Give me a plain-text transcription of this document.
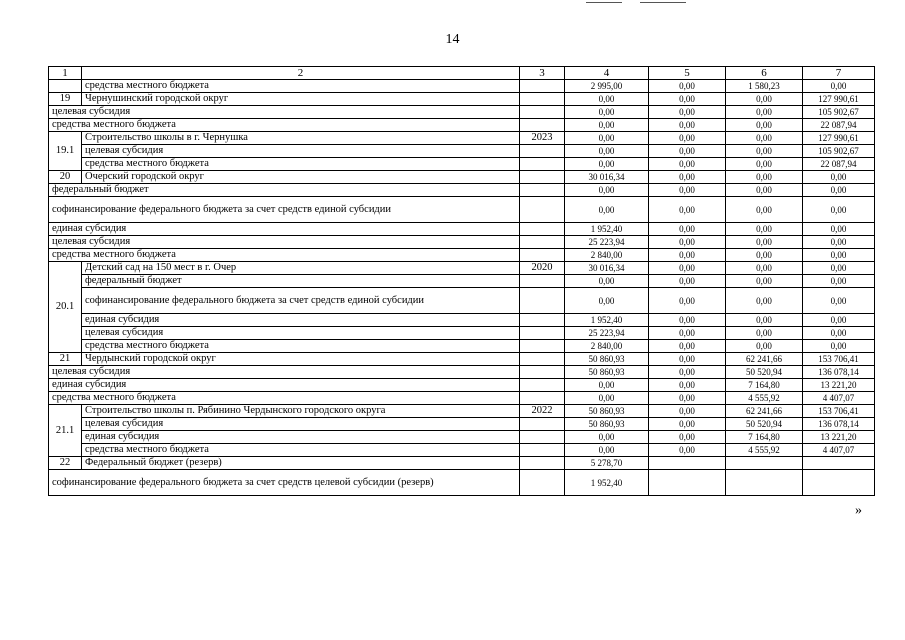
14
1	2	3	4	5	6	7
	средства местного бюджета		2 995,00	0,00	1 580,23	0,00
19	Чернушинский городской округ		0,00	0,00	0,00	127 990,61
целевая субсидия			0,00	0,00	0,00	105 902,67
средства местного бюджета			0,00	0,00	0,00	22 087,94
19.1	Строительство школы в г. Чернушка	2023	0,00	0,00	0,00	127 990,61
	целевая субсидия		0,00	0,00	0,00	105 902,67
	средства местного бюджета		0,00	0,00	0,00	22 087,94
20	Очерский городской округ		30 016,34	0,00	0,00	0,00
федеральный бюджет			0,00	0,00	0,00	0,00
софинансирование федерального бюджета за счет средств единой субсидии			0,00	0,00	0,00	0,00
единая субсидия			1 952,40	0,00	0,00	0,00
целевая субсидия			25 223,94	0,00	0,00	0,00
средства местного бюджета			2 840,00	0,00	0,00	0,00
20.1	Детский сад на 150 мест в г. Очер	2020	30 016,34	0,00	0,00	0,00
	федеральный бюджет		0,00	0,00	0,00	0,00
	софинансирование федерального бюджета за счет средств единой субсидии		0,00	0,00	0,00	0,00
	единая субсидия		1 952,40	0,00	0,00	0,00
	целевая субсидия		25 223,94	0,00	0,00	0,00
	средства местного бюджета		2 840,00	0,00	0,00	0,00
21	Чердынский городской округ		50 860,93	0,00	62 241,66	153 706,41
целевая субсидия			50 860,93	0,00	50 520,94	136 078,14
единая субсидия			0,00	0,00	7 164,80	13 221,20
средства местного бюджета			0,00	0,00	4 555,92	4 407,07
21.1	Строительство школы п. Рябинино Чердынского городского округа	2022	50 860,93	0,00	62 241,66	153 706,41
	целевая субсидия		50 860,93	0,00	50 520,94	136 078,14
	единая субсидия		0,00	0,00	7 164,80	13 221,20
	средства местного бюджета		0,00	0,00	4 555,92	4 407,07
22	Федеральный бюджет (резерв)		5 278,70			
софинансирование федерального бюджета за счет средств целевой субсидии (резерв)			1 952,40			
»
